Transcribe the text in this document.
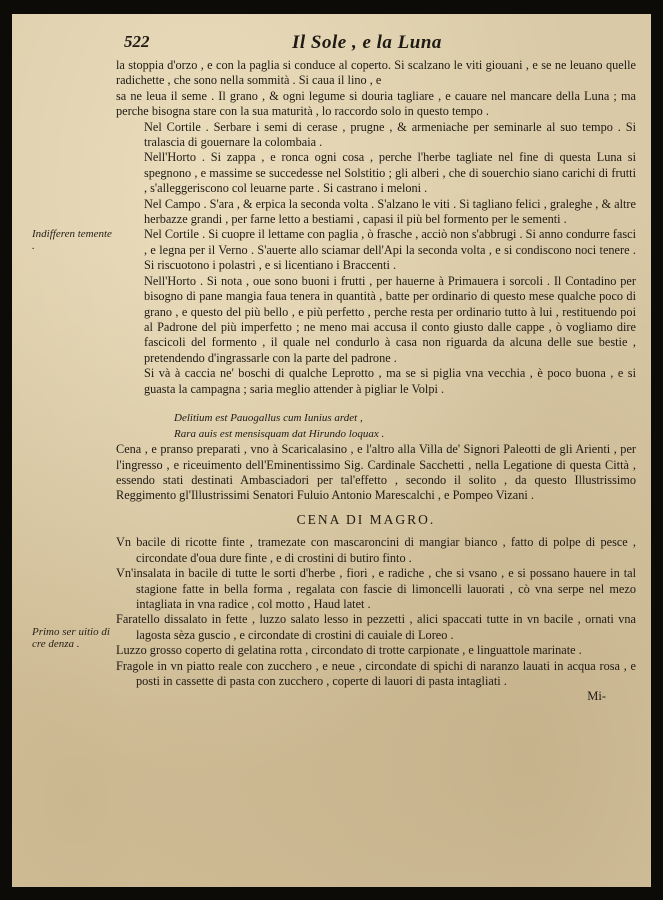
522	Il Sole , e la Luna
Indifferen temente .
Primo ser uitio di cre denza .

la stoppia d'orzo , e con la paglia si conduce al coperto. Si scalzano le viti giouani , e se ne leuano quelle radichette , che sono nella sommità . Si caua il lino , e

sa ne leua il seme . Il grano , & ogni legume si douria tagliare , e cauare nel mancare della Luna ; ma perche bisogna stare con la sua maturità , lo raccordo solo in questo tempo .

Nel Cortile . Serbare i semi di cerase , prugne , & armeniache per seminarle al suo tempo . Si tralascia di gouernare la colombaia .

Nell'Horto . Si zappa , e ronca ogni cosa , perche l'herbe tagliate nel fine di questa Luna si spegnono , e massime se succedesse nel Solstitio ; gli alberi , che di souerchio siano carichi di frutti , s'alleggeriscono col leuarne parte . Si castrano i meloni .

Nel Campo . S'ara , & erpica la seconda volta . S'alzano le viti . Si tagliano felici , graleghe , & altre herbazze grandi , per farne letto a bestiami , capasi il più bel formento per le sementi .

Nel Cortile . Si cuopre il lettame con paglia , ò frasche , acciò non s'abbrugi . Si anno condurre fasci , e legna per il Verno . S'auerte allo sciamar dell'Api la seconda volta , e si condiscono noci tenere . Si riscuotono i polastri , e si licentiano i Braccenti .

Nell'Horto . Si nota , oue sono buoni i frutti , per hauerne à Primauera i sorcoli . Il Contadino per bisogno di pane mangia faua tenera in quantità , batte per ordinario di questo mese qualche poco di grano , e questo del più bello , e più perfetto , perche resta per ordinario tutto à lui , restituendo poi al Padrone del più imperfetto ; ne meno mai accusa il conto giusto dalle cappe , ò vogliamo dire fascicoli del formento , il quale nel condurlo à casa non riguarda da alcuna delle sue bestie , pretendendo d'ingrassarle con la parte del padrone .

Si và à caccia ne' boschi di qualche Leprotto , ma se si piglia vna vecchia , è poco buona , e si guasta la campagna ; saria meglio attender à pigliar le Volpi .

Delitium est Pauogallus cum Iunius ardet ,
Rara auis est mensisquam dat Hirundo loquax .

Cena , e pranso preparati , vno à Scaricalasino , e l'altro alla Villa de' Signori Paleotti de gli Arienti , per l'ingresso , e riceuimento dell'Eminentissimo Sig. Cardinale Sacchetti , nella Legatione di questa Città , essendo stati destinati Ambasciadori per tal'effetto , secondo il solito , da questo Illustrissimo Reggimento gl'Illustrissimi Senatori Fuluio Antonio Marescalchi , e Pompeo Vizani .

CENA DI MAGRO.

Vn bacile di ricotte finte , tramezate con mascaroncini di mangiar bianco , fatto di polpe di pesce , circondate d'oua dure finte , e di crostini di butiro finto .

Vn'insalata in bacile di tutte le sorti d'herbe , fiori , e radiche , che si vsano , e si possano hauere in tal stagione fatte in bella forma , regalata con fascie di limoncelli lauorati , cò vna serpe nel mezo intagliata in vna radice , col motto , Haud latet .

Faratello dissalato in fette , luzzo salato lesso in pezzetti , alici spaccati tutte in vn bacile , ornati vna lagosta sèza guscio , e circondate di crostini di cauiale di Loreo .

Luzzo grosso coperto di gelatina rotta , circondato di trotte carpionate , e linguattole marinate .

Fragole in vn piatto reale con zucchero , e neue , circondate di spichi di naranzo lauati in acqua rosa , e posti in cassette di pasta con zucchero , coperte di lauori di pasta intagliati .

Mi-
